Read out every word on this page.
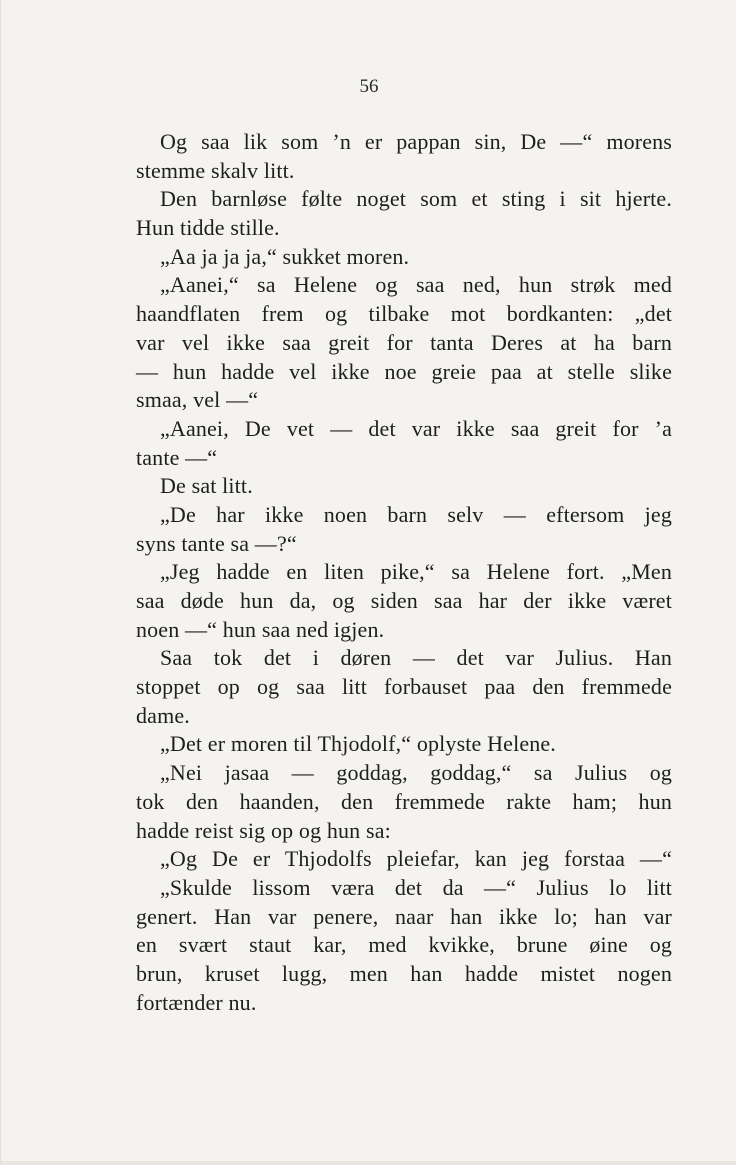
56
Og saa lik som ’n er pappan sin, De —“ morens
stemme skalv litt.
Den barnløse følte noget som et sting i sit hjerte.
Hun tidde stille.
„Aa ja ja ja,“ sukket moren.
„Aanei,“ sa Helene og saa ned, hun strøk med
haandflaten frem og tilbake mot bordkanten: „det
var vel ikke saa greit for tanta Deres at ha barn
— hun hadde vel ikke noe greie paa at stelle slike
smaa, vel —“
„Aanei, De vet — det var ikke saa greit for ’a
tante —“
De sat litt.
„De har ikke noen barn selv — eftersom jeg
syns tante sa —?“
„Jeg hadde en liten pike,“ sa Helene fort. „Men
saa døde hun da, og siden saa har der ikke været
noen —“ hun saa ned igjen.
Saa tok det i døren — det var Julius. Han
stoppet op og saa litt forbauset paa den fremmede
dame.
„Det er moren til Thjodolf,“ oplyste Helene.
„Nei jasaa — goddag, goddag,“ sa Julius og
tok den haanden, den fremmede rakte ham; hun
hadde reist sig op og hun sa:
„Og De er Thjodolfs pleiefar, kan jeg forstaa —“
„Skulde lissom væra det da —“ Julius lo litt
genert. Han var penere, naar han ikke lo; han var
en svært staut kar, med kvikke, brune øine og
brun, kruset lugg, men han hadde mistet nogen
fortænder nu.
